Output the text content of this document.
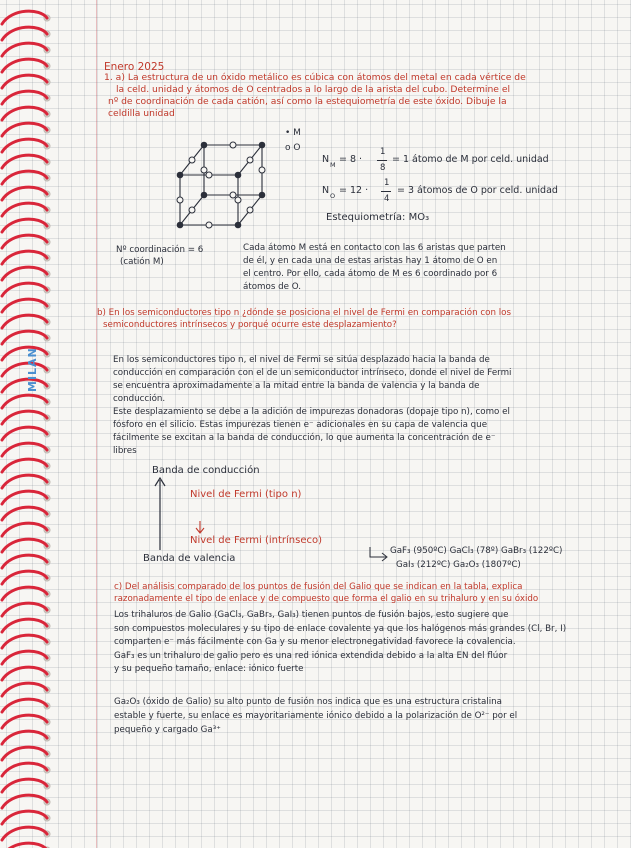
MILAN
Enero 2025
1. a) La estructura de un óxido metálico es cúbica con átomos del metal en cada vértice de
la celd. unidad y átomos de O centrados a lo largo de la arista del cubo. Determine el
nº de coordinación de cada catión, así como la estequiometría de este óxido. Dibuje la
celdilla unidad
• M
o O
N M = 8 ·
1
8
= 1 átomo de M por celd. unidad
N O = 12 ·
1
4
= 3 átomos de O por celd. unidad
Estequiometría: MO₃
Nº coordinación = 6
(catión M)
Cada átomo M está en contacto con las 6 aristas que parten
de él, y en cada una de estas aristas hay 1 átomo de O en
el centro. Por ello, cada átomo de M es 6 coordinado por 6
átomos de O.
b) En los semiconductores tipo n ¿dónde se posiciona el nivel de Fermi en comparación con los
semiconductores intrínsecos y porqué ocurre este desplazamiento?
En los semiconductores tipo n, el nivel de Fermi se sitúa desplazado hacia la banda de
conducción en comparación con el de un semiconductor intrínseco, donde el nivel de Fermi
se encuentra aproximadamente a la mitad entre la banda de valencia y la banda de
conducción.
Este desplazamiento se debe a la adición de impurezas donadoras (dopaje tipo n), como el
fósforo en el silicio. Estas impurezas tienen e⁻ adicionales en su capa de valencia que
fácilmente se excitan a la banda de conducción, lo que aumenta la concentración de e⁻
libres
Banda de conducción
Nivel de Fermi (tipo n)
Nivel de Fermi (intrínseco)
Banda de valencia
GaF₃ (950ºC) GaCl₃ (78º) GaBr₃ (122ºC)
GaI₃ (212ºC) Ga₂O₃ (1807ºC)
c) Del análisis comparado de los puntos de fusión del Galio que se indican en la tabla, explica
razonadamente el tipo de enlace y de compuesto que forma el galio en su trihaluro y en su óxido
Los trihaluros de Galio (GaCl₃, GaBr₃, GaI₃) tienen puntos de fusión bajos, esto sugiere que
son compuestos moleculares y su tipo de enlace covalente ya que los halógenos más grandes (Cl, Br, I)
comparten e⁻ más fácilmente con Ga y su menor electronegatividad favorece la covalencia.
GaF₃ es un trihaluro de galio pero es una red iónica extendida debido a la alta EN del flúor
y su pequeño tamaño, enlace: iónico fuerte
Ga₂O₃ (óxido de Galio) su alto punto de fusión nos indica que es una estructura cristalina
estable y fuerte, su enlace es mayoritariamente iónico debido a la polarización de O²⁻ por el
pequeño y cargado Ga³⁺
